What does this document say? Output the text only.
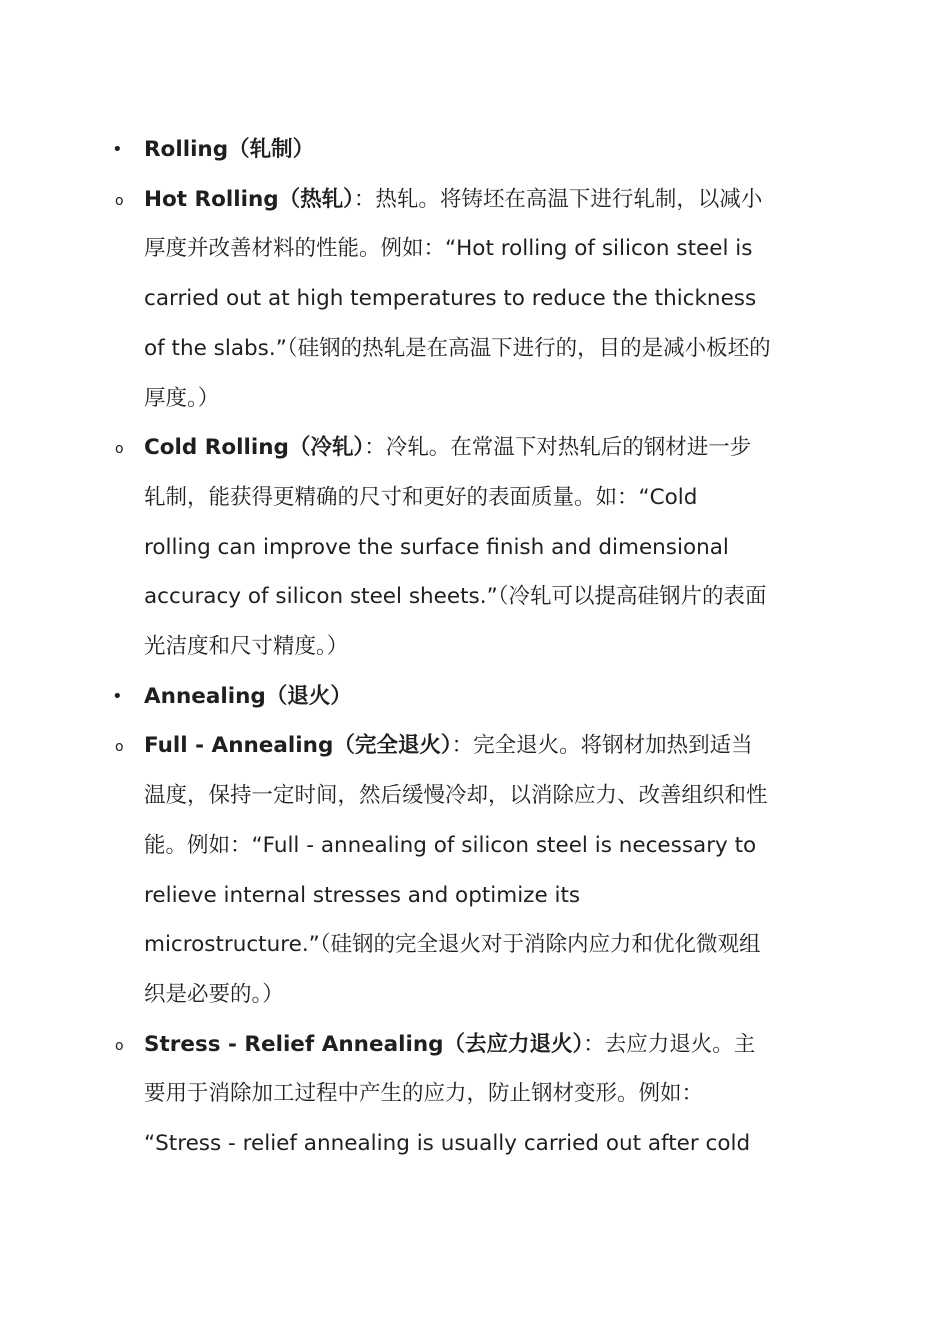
• Rolling（轧制）
o Hot Rolling（热轧）：热轧。将铸坯在高温下进行轧制，以减小
厚度并改善材料的性能。例如：“Hot rolling of silicon steel is
carried out at high temperatures to reduce the thickness
of the slabs.”（硅钢的热轧是在高温下进行的，目的是减小板坯的
厚度。）
o Cold Rolling（冷轧）：冷轧。在常温下对热轧后的钢材进一步
轧制，能获得更精确的尺寸和更好的表面质量。如：“Cold
rolling can improve the surface finish and dimensional
accuracy of silicon steel sheets.”（冷轧可以提高硅钢片的表面
光洁度和尺寸精度。）
• Annealing（退火）
o Full - Annealing（完全退火）：完全退火。将钢材加热到适当
温度，保持一定时间，然后缓慢冷却，以消除应力、改善组织和性
能。例如：“Full - annealing of silicon steel is necessary to
relieve internal stresses and optimize its
microstructure.”（硅钢的完全退火对于消除内应力和优化微观组
织是必要的。）
o Stress - Relief Annealing（去应力退火）：去应力退火。主
要用于消除加工过程中产生的应力，防止钢材变形。例如：
“Stress - relief annealing is usually carried out after cold
